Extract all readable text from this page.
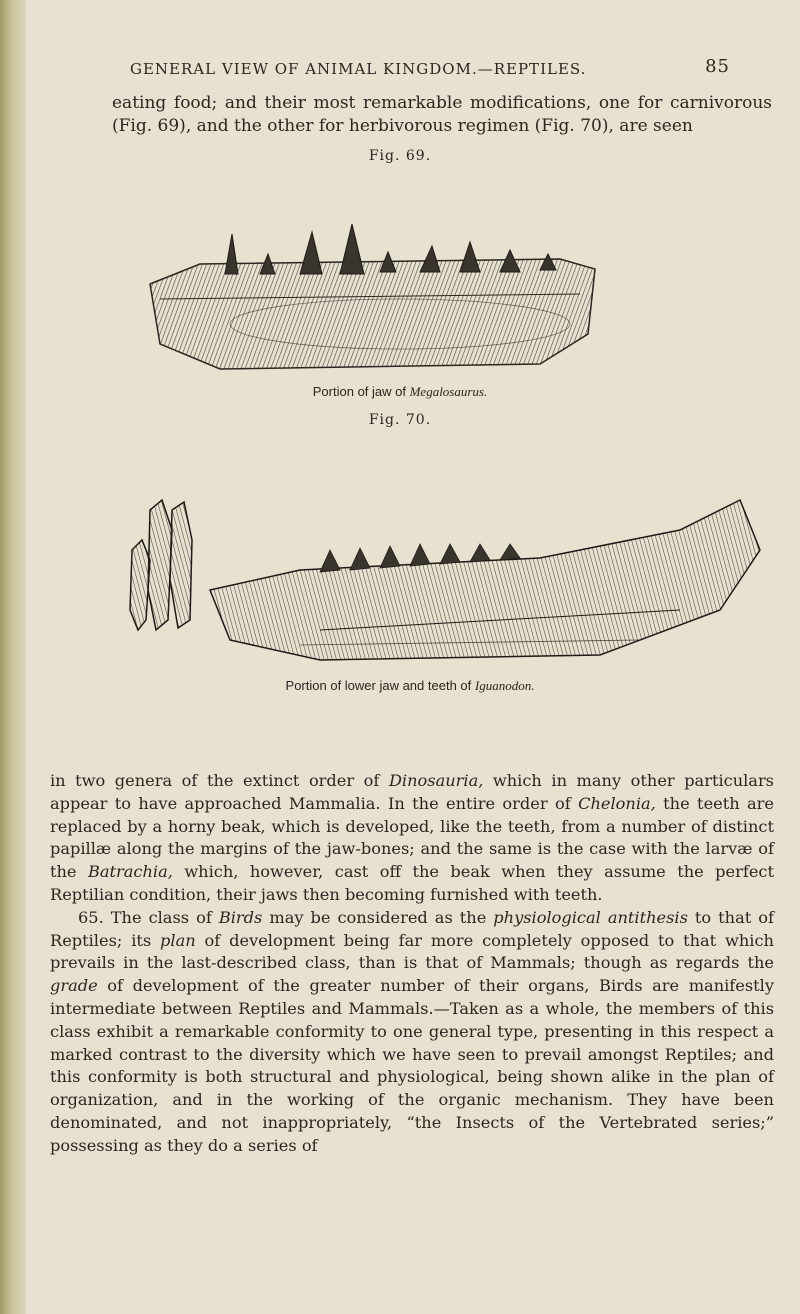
GENERAL VIEW OF ANIMAL KINGDOM.—REPTILES.	85
eating food; and their most remarkable modifications, one for carnivorous (Fig. 69), and the other for herbivorous regimen (Fig. 70), are seen
Fig. 69.
Portion of jaw of Megalosaurus.
Fig. 70.
Portion of lower jaw and teeth of Iguanodon.

in two genera of the extinct order of Dinosauria, which in many other particulars appear to have approached Mammalia. In the entire order of Chelonia, the teeth are replaced by a horny beak, which is developed, like the teeth, from a number of distinct papillæ along the margins of the jaw-bones; and the same is the case with the larvæ of the Batrachia, which, however, cast off the beak when they assume the perfect Reptilian condition, their jaws then becoming furnished with teeth.

65. The class of Birds may be considered as the physiological antithesis to that of Reptiles; its plan of development being far more completely opposed to that which prevails in the last-described class, than is that of Mammals; though as regards the grade of development of the greater number of their organs, Birds are manifestly intermediate between Reptiles and Mammals.—Taken as a whole, the members of this class exhibit a remarkable conformity to one general type, presenting in this respect a marked contrast to the diversity which we have seen to prevail amongst Reptiles; and this conformity is both structural and physiological, being shown alike in the plan of organization, and in the working of the organic mechanism. They have been denominated, and not inappropriately, “the Insects of the Vertebrated series;” possessing as they do a series of
